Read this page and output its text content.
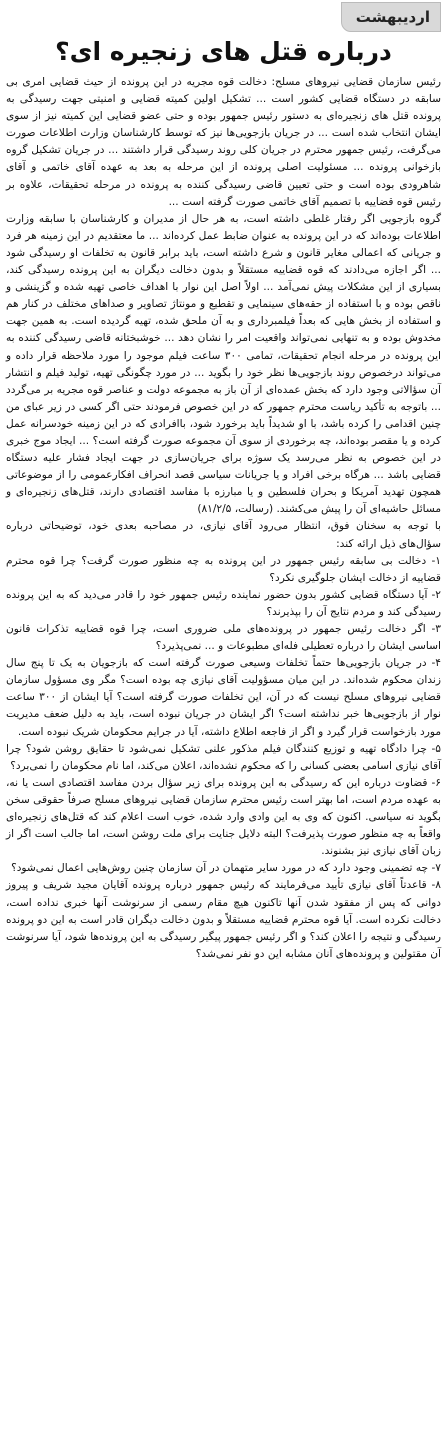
اردیبهشت
درباره قتل های زنجیره ای؟

رئیس سازمان قضایی نیروهای مسلح: دخالت قوه مجریه در این پرونده از حیث قضایی امری بی سابقه در دستگاه قضایی کشور است ... تشکیل اولین کمیته قضایی و امنیتی جهت رسیدگی به پرونده قتل های زنجیره‌ای به دستور رئیس جمهور بوده و حتی عضو قضایی این کمیته نیز از سوی ایشان انتخاب شده است ... در جریان بازجویی‌ها نیز که توسط کارشناسان وزارت اطلاعات صورت می‌گرفت، رئیس جمهور محترم در جریان کلی روند رسیدگی قرار داشتند ... در جریان تشکیل گروه بازخوانی پرونده ... مسئولیت اصلی پرونده از این مرحله به بعد به عهده آقای خاتمی و آقای شاهرودی بوده است و حتی تعیین قاضی رسیدگی کننده به پرونده در مرحله تحقیقات، علاوه بر رئیس قوه قضاییه با تصمیم آقای خاتمی صورت گرفته است ...

گروه بازجویی اگر رفتار غلطی داشته است، به هر حال از مدیران و کارشناسان با سابقه وزارت اطلاعات بوده‌اند که در این پرونده به عنوان ضابط عمل کرده‌اند ... ما معتقدیم در این زمینه هر فرد و جریانی که اعمالی مغایر قانون و شرع داشته است، باید برابر قانون به تخلفات او رسیدگی شود ... اگر اجازه می‌دادند که قوه قضاییه مستقلاً و بدون دخالت دیگران به این پرونده رسیدگی کند، بسیاری از این مشکلات پیش نمی‌آمد ... اولاً اصل این نوار با اهداف خاصی تهیه شده و گزینشی و ناقص بوده و با استفاده از حقه‌های سینمایی و تقطیع و مونتاژ تصاویر و صداهای مختلف در کنار هم و استفاده از بخش هایی که بعداً فیلمبرداری و به آن ملحق شده، تهیه گردیده است. به همین جهت مخدوش بوده و به تنهایی نمی‌تواند واقعیت امر را نشان دهد ... خوشبختانه قاضی رسیدگی کننده به این پرونده در مرحله انجام تحقیقات، تمامی ۳۰۰ ساعت فیلم موجود را مورد ملاحظه قرار داده و می‌تواند درخصوص روند بازجویی‌ها نظر خود را بگوید ... در مورد چگونگی تهیه، تولید فیلم و انتشار آن سؤالاتی وجود دارد که بخش عمده‌ای از آن باز به مجموعه دولت و عناصر قوه مجریه بر می‌گردد ... باتوجه به تأکید ریاست محترم جمهور که در این خصوص فرمودند حتی اگر کسی در زیر عبای من چنین اقدامی را کرده باشد، با او شدیداً باید برخورد شود، باافرادی که در این زمینه خودسرانه عمل کرده و یا مقصر بوده‌اند، چه برخوردی از سوی آن مجموعه صورت گرفته است؟ ... ایجاد موج خبری در این خصوص به نظر می‌رسد یک سوژه برای جریان‌سازی در جهت ایجاد فشار علیه دستگاه قضایی باشد ... هرگاه برخی افراد و یا جریانات سیاسی قصد انحراف افکارعمومی را از موضوعاتی همچون تهدید آمریکا و بحران فلسطین و یا مبارزه با مفاسد اقتصادی دارند، قتل‌های زنجیره‌ای و مسائل حاشیه‌ای آن را پیش می‌کشند. (رسالت، ۸۱/۲/۵)

با توجه به سخنان فوق، انتظار می‌رود آقای نیازی، در مصاحبه بعدی خود، توضیحاتی درباره سؤال‌های ذیل ارائه کند:

۱- دخالت بی سابقه رئیس جمهور در این پرونده به چه منظور صورت گرفت؟ چرا قوه محترم قضاییه از دخالت ایشان جلوگیری نکرد؟

۲- آیا دستگاه قضایی کشور بدون حضور نماینده رئیس جمهور خود را قادر می‌دید که به این پرونده رسیدگی کند و مردم نتایج آن را بپذیرند؟

۳- اگر دخالت رئیس جمهور در پرونده‌های ملی ضروری است، چرا قوه قضاییه تذکرات قانون اساسی ایشان را درباره تعطیلی فله‌ای مطبوعات و ... نمی‌پذیرد؟

۴- در جریان بازجویی‌ها حتماً تخلفات وسیعی صورت گرفته است که بازجویان به یک تا پنج سال زندان محکوم شده‌اند. در این میان مسؤولیت آقای نیازی چه بوده است؟ مگر وی مسؤول سازمان قضایی نیروهای مسلح نیست که در آن، این تخلفات صورت گرفته است؟ آیا ایشان از ۳۰۰ ساعت نوار از بازجویی‌ها خبر نداشته است؟ اگر ایشان در جریان نبوده است، باید به دلیل ضعف مدیریت مورد بازخواست قرار گیرد و اگر از فاجعه اطلاع داشته، آیا در جرایم محکومان شریک نبوده است.

۵- چرا دادگاه تهیه و توزیع کنندگان فیلم مذکور علنی تشکیل نمی‌شود تا حقایق روشن شود؟ چرا آقای نیازی اسامی بعضی کسانی را که محکوم نشده‌اند، اعلان می‌کند، اما نام محکومان را نمی‌برد؟

۶- قضاوت درباره این که رسیدگی به این پرونده برای زیر سؤال بردن مفاسد اقتصادی است یا نه، به عهده مردم است، اما بهتر است رئیس محترم سازمان قضایی نیروهای مسلح صرفاً حقوقی سخن بگوید نه سیاسی. اکنون که وی به این وادی وارد شده، خوب است اعلام کند که قتل‌های زنجیره‌ای واقعاً به چه منظور صورت پذیرفت؟ البته دلایل جنایت برای ملت روشن است، اما جالب است اگر از زبان آقای نیازی نیز بشنوند.

۷- چه تضمینی وجود دارد که در مورد سایر متهمان در آن سازمان چنین روش‌هایی اعمال نمی‌شود؟

۸- قاعدتاً آقای نیازی تأیید می‌فرمایند که رئیس جمهور درباره پرونده آقایان مجید شریف و پیروز دوانی که پس از مفقود شدن آنها تاکنون هیچ مقام رسمی از سرنوشت آنها خبری نداده است، دخالت نکرده است. آیا قوه محترم قضاییه مستقلاً و بدون دخالت دیگران قادر است به این دو پرونده رسیدگی و نتیجه را اعلان کند؟ و اگر رئیس جمهور پیگیر رسیدگی به این پرونده‌ها شود، آیا سرنوشت آن مقتولین و پرونده‌های آنان مشابه این دو نفر نمی‌شد؟
